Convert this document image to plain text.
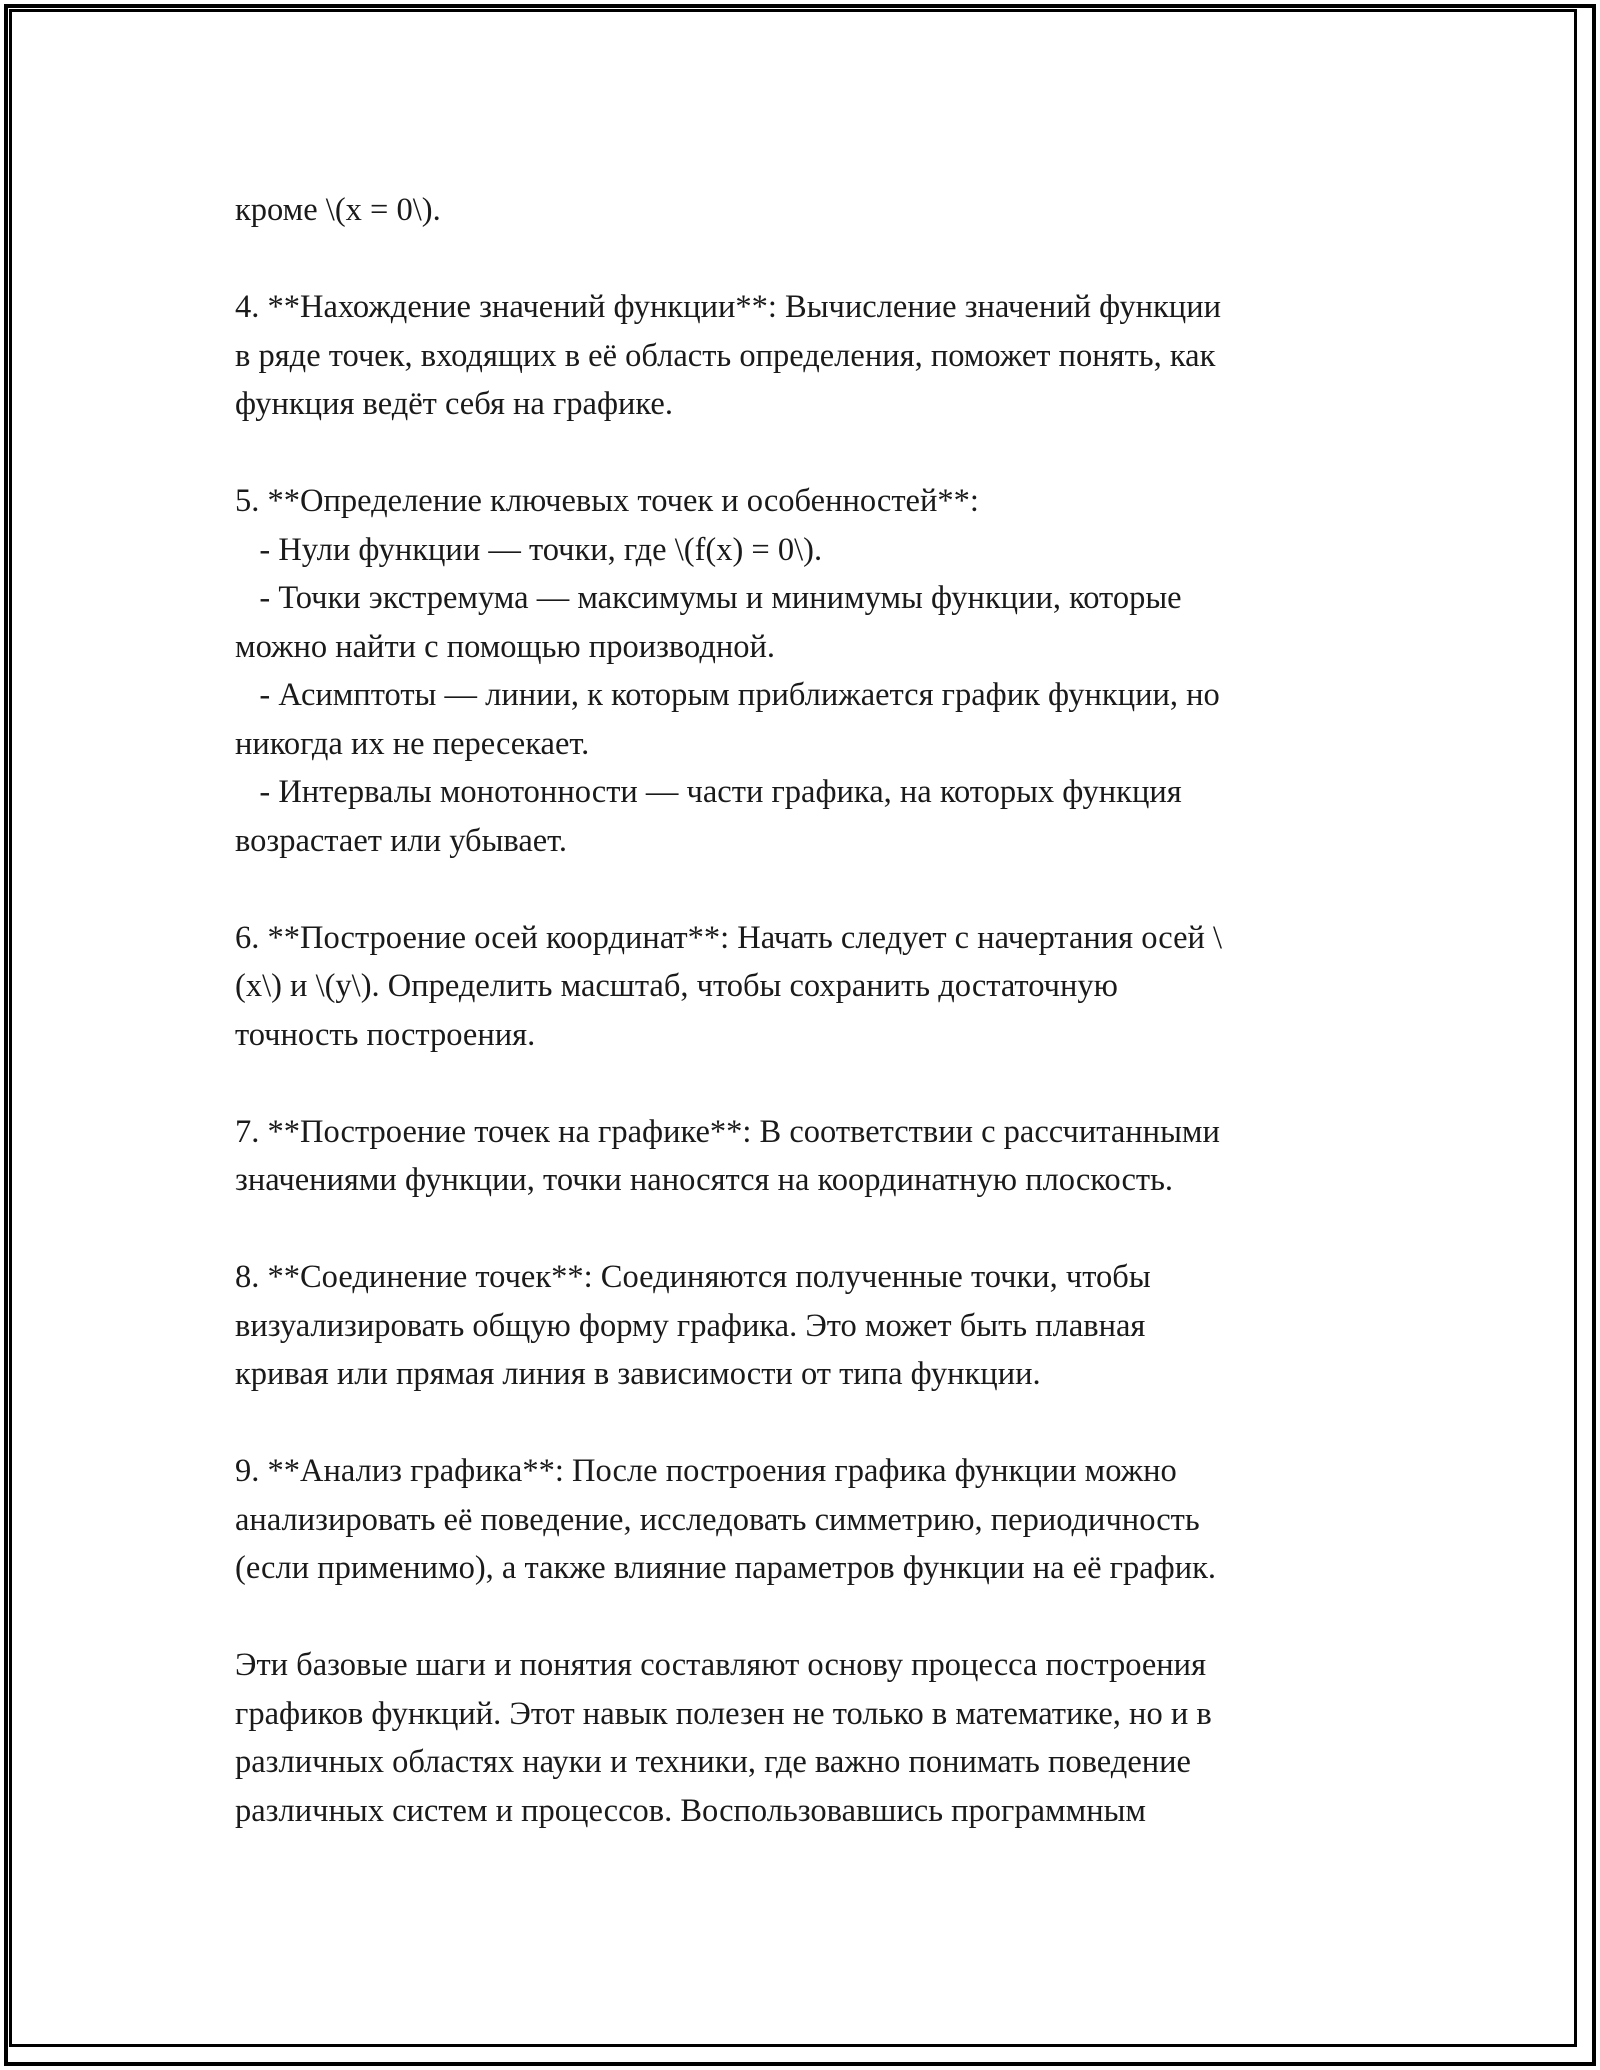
кроме \(x = 0\).

4. **Нахождение значений функции**: Вычисление значений функции
в ряде точек, входящих в её область определения, поможет понять, как
функция ведёт себя на графике.

5. **Определение ключевых точек и особенностей**:
- Нули функции — точки, где \(f(x) = 0\).
- Точки экстремума — максимумы и минимумы функции, которые
можно найти с помощью производной.
- Асимптоты — линии, к которым приближается график функции, но
никогда их не пересекает.
- Интервалы монотонности — части графика, на которых функция
возрастает или убывает.

6. **Построение осей координат**: Начать следует с начертания осей \
(x\) и \(y\). Определить масштаб, чтобы сохранить достаточную
точность построения.

7. **Построение точек на графике**: В соответствии с рассчитанными
значениями функции, точки наносятся на координатную плоскость.

8. **Соединение точек**: Соединяются полученные точки, чтобы
визуализировать общую форму графика. Это может быть плавная
кривая или прямая линия в зависимости от типа функции.

9. **Анализ графика**: После построения графика функции можно
анализировать её поведение, исследовать симметрию, периодичность
(если применимо), а также влияние параметров функции на её график.

Эти базовые шаги и понятия составляют основу процесса построения
графиков функций. Этот навык полезен не только в математике, но и в
различных областях науки и техники, где важно понимать поведение
различных систем и процессов. Воспользовавшись программным
